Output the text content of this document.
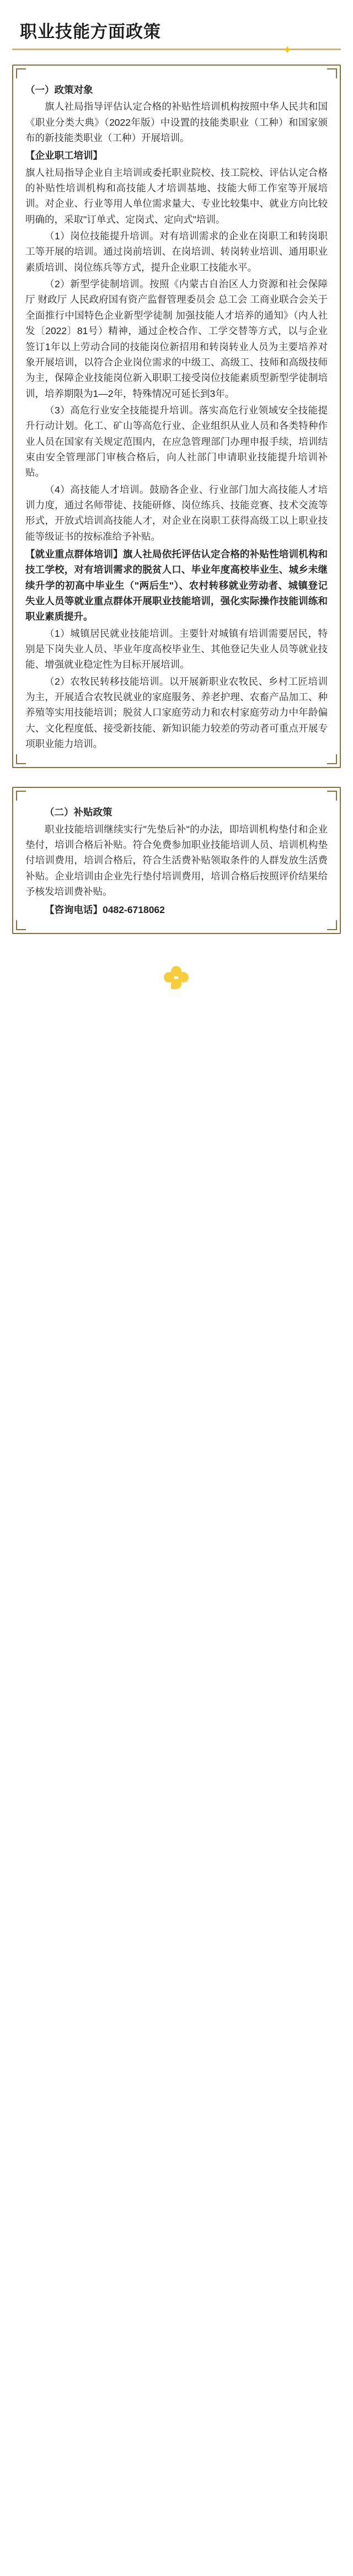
职业技能方面政策
✦

（一）政策对象

旗人社局指导评估认定合格的补贴性培训机构按照中华人民共和国《职业分类大典》（2022年版）中设置的技能类职业（工种）和国家颁布的新技能类职业（工种）开展培训。

【企业职工培训】

旗人社局指导企业自主培训或委托职业院校、技工院校、评估认定合格的补贴性培训机构和高技能人才培训基地、技能大师工作室等开展培训。对企业、行业等用人单位需求量大、专业比较集中、就业方向比较明确的，采取"订单式、定岗式、定向式"培训。

（1）岗位技能提升培训。对有培训需求的企业在岗职工和转岗职工等开展的培训。通过岗前培训、在岗培训、转岗转业培训、通用职业素质培训、岗位练兵等方式，提升企业职工技能水平。

（2）新型学徒制培训。按照《内蒙古自治区人力资源和社会保障厅 财政厅 人民政府国有资产监督管理委员会 总工会 工商业联合会关于全面推行中国特色企业新型学徒制 加强技能人才培养的通知》（内人社发〔2022〕81号）精神，通过企校合作、工学交替等方式，以与企业签订1年以上劳动合同的技能岗位新招用和转岗转业人员为主要培养对象开展培训，以符合企业岗位需求的中级工、高级工、技师和高级技师为主，保障企业技能岗位新入职职工接受岗位技能素质型新型学徒制培训，培养期限为1—2年，特殊情况可延长到3年。

（3）高危行业安全技能提升培训。落实高危行业领域安全技能提升行动计划。化工、矿山等高危行业、企业组织从业人员和各类特种作业人员在国家有关规定范围内，在应急管理部门办理申报手续，培训结束由安全管理部门审核合格后，向人社部门申请职业技能提升培训补贴。

（4）高技能人才培训。鼓励各企业、行业部门加大高技能人才培训力度，通过名师带徒、技能研修、岗位练兵、技能竞赛、技术交流等形式，开放式培训高技能人才，对企业在岗职工获得高级工以上职业技能等级证书的按标准给予补贴。

【就业重点群体培训】旗人社局依托评估认定合格的补贴性培训机构和技工学校，对有培训需求的脱贫人口、毕业年度高校毕业生、城乡未继续升学的初高中毕业生（"两后生"）、农村转移就业劳动者、城镇登记失业人员等就业重点群体开展职业技能培训，强化实际操作技能训练和职业素质提升。

（1）城镇居民就业技能培训。主要针对城镇有培训需要居民，特别是下岗失业人员、毕业年度高校毕业生、其他登记失业人员等就业技能、增强就业稳定性为目标开展培训。

（2）农牧民转移技能培训。以开展新职业农牧民、乡村工匠培训为主，开展适合农牧民就业的家庭服务、养老护理、农畜产品加工、种养殖等实用技能培训；脱贫人口家庭劳动力和农村家庭劳动力中年龄偏大、文化程度低、接受新技能、新知识能力较差的劳动者可重点开展专项职业能力培训。

（二）补贴政策

职业技能培训继续实行"先垫后补"的办法，即培训机构垫付和企业垫付，培训合格后补贴。符合免费参加职业技能培训人员、培训机构垫付培训费用，培训合格后，符合生活费补贴领取条件的人群发放生活费补贴。企业培训由企业先行垫付培训费用，培训合格后按照评价结果给予核发培训费补贴。

【咨询电话】0482-6718062
